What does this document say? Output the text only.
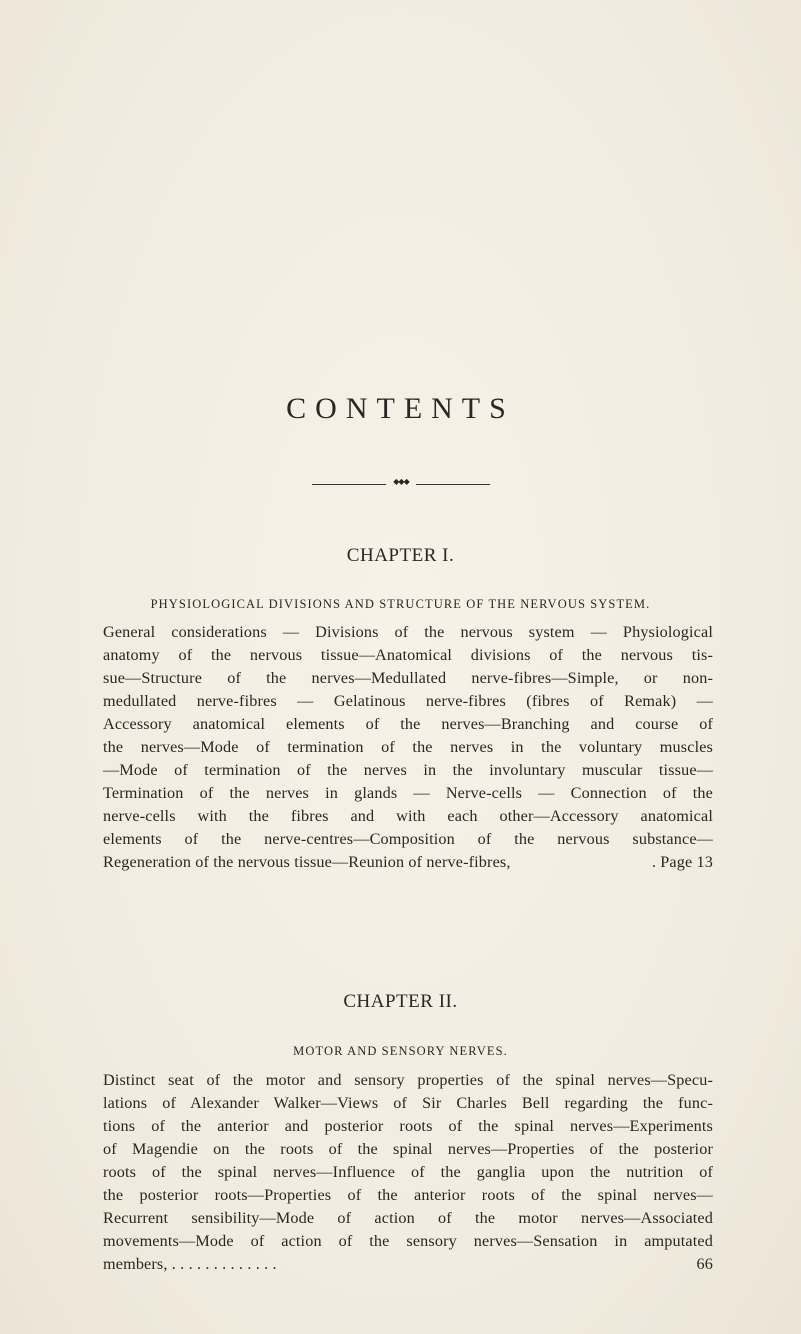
CONTENTS
◆◆◆
CHAPTER I.
PHYSIOLOGICAL DIVISIONS AND STRUCTURE OF THE NERVOUS SYSTEM.

General considerations — Divisions of the nervous system — Physiological

anatomy of the nervous tissue—Anatomical divisions of the nervous tis-

sue—Structure of the nerves—Medullated nerve-fibres—Simple, or non-

medullated nerve-fibres — Gelatinous nerve-fibres (fibres of Remak) —

Accessory anatomical elements of the nerves—Branching and course of

the nerves—Mode of termination of the nerves in the voluntary muscles

—Mode of termination of the nerves in the involuntary muscular tissue—

Termination of the nerves in glands — Nerve-cells — Connection of the

nerve-cells with the fibres and with each other—Accessory anatomical

elements of the nerve-centres—Composition of the nervous substance—

Regeneration of the nervous tissue—Reunion of nerve-fibres,	. Page 13

CHAPTER II.
MOTOR AND SENSORY NERVES.

Distinct seat of the motor and sensory properties of the spinal nerves—Specu-

lations of Alexander Walker—Views of Sir Charles Bell regarding the func-

tions of the anterior and posterior roots of the spinal nerves—Experiments

of Magendie on the roots of the spinal nerves—Properties of the posterior

roots of the spinal nerves—Influence of the ganglia upon the nutrition of

the posterior roots—Properties of the anterior roots of the spinal nerves—

Recurrent sensibility—Mode of action of the motor nerves—Associated

movements—Mode of action of the sensory nerves—Sensation in amputated

members, . . . . . . . . . . . . .	66
